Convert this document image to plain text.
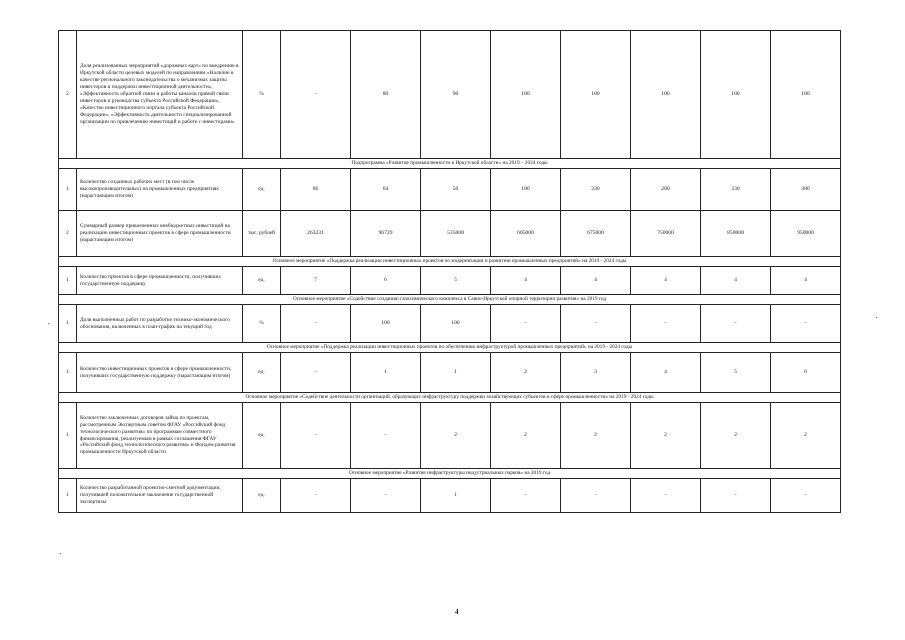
2	Доля реализованных мероприятий «дорожных карт» по внедрению в Иркутской области целевых моделей по направлениям «Наличие в качестве регионального законодательства о механизмах защиты инвесторов и поддержки инвестиционной деятельности», «Эффективность обратной связи и работы каналов прямой связи инвесторов и руководства субъекта Российской Федерации», «Качество инвестиционного портала субъекта Российской Федерации», «Эффективность деятельности специализированной организации по привлечению инвестиций и работе с инвесторами»	%	-	80	90	100	100	100	100	100
Подпрограмма «Развитие промышленности в Иркутской области» на 2019 – 2024 годы										
1	Количество созданных рабочих мест (в том числе высокопроизводительных) на промышленных предприятиях (нарастающим итогом)	ед.	86	64	50	180	230	280	330	380
2	Суммарный размер привлеченных внебюджетных инвестиций на реализацию инвестиционных проектов в сфере промышленности (нарастающим итогом)	тыс. рублей	263231	96729	535000	605000	675000	750000	850000	950000
Основное мероприятие «Поддержка реализации инвестиционных проектов по модернизации и развитию промышленных предприятий» на 2019 - 2024 годы										
1	Количество проектов в сфере промышленности, получивших государственную поддержку	ед.	7	6	5	4	4	4	4	4
Основное мероприятие «Содействие созданию газохимического комплекса в Саяно-Иркутской опорной территории развития» на 2019 год										
1	Доля выполненных работ по разработке технико-экономического обоснования, включенных в план-график на текущий год	%	-	100	100	-	-	-	-	-
Основное мероприятие «Поддержка реализации инвестиционных проектов по обеспечению инфраструктурой промышленных предприятий» на 2019 - 2024 годы										
1	Количество инвестиционных проектов в сфере промышленности, получивших государственную поддержку (нарастающим итогом)	ед.	-	1	1	2	3	4	5	6
Основное мероприятие «Содействие деятельности организаций, образующих инфраструктуру поддержки хозяйствующих субъектов в сфере промышленности» на 2019 - 2024 годы										
1	Количество заключенных договоров займа по проектам, рассмотренным Экспертным советом ФГАУ «Российский фонд технологического развития» по программам совместного финансирования, реализуемым в рамках соглашения ФГАУ «Российский фонд технологического развития» и Фондом развития промышленности Иркутской области	ед.	-	-	2	2	2	2	2	2
Основное мероприятие «Развитие инфраструктуры индустриальных парков» на 2019 год										
1	Количество разработанной проектно-сметной документации, получившей положительное заключение государственной экспертизы	ед.	-	-	1	-	-	-	-	-
4
